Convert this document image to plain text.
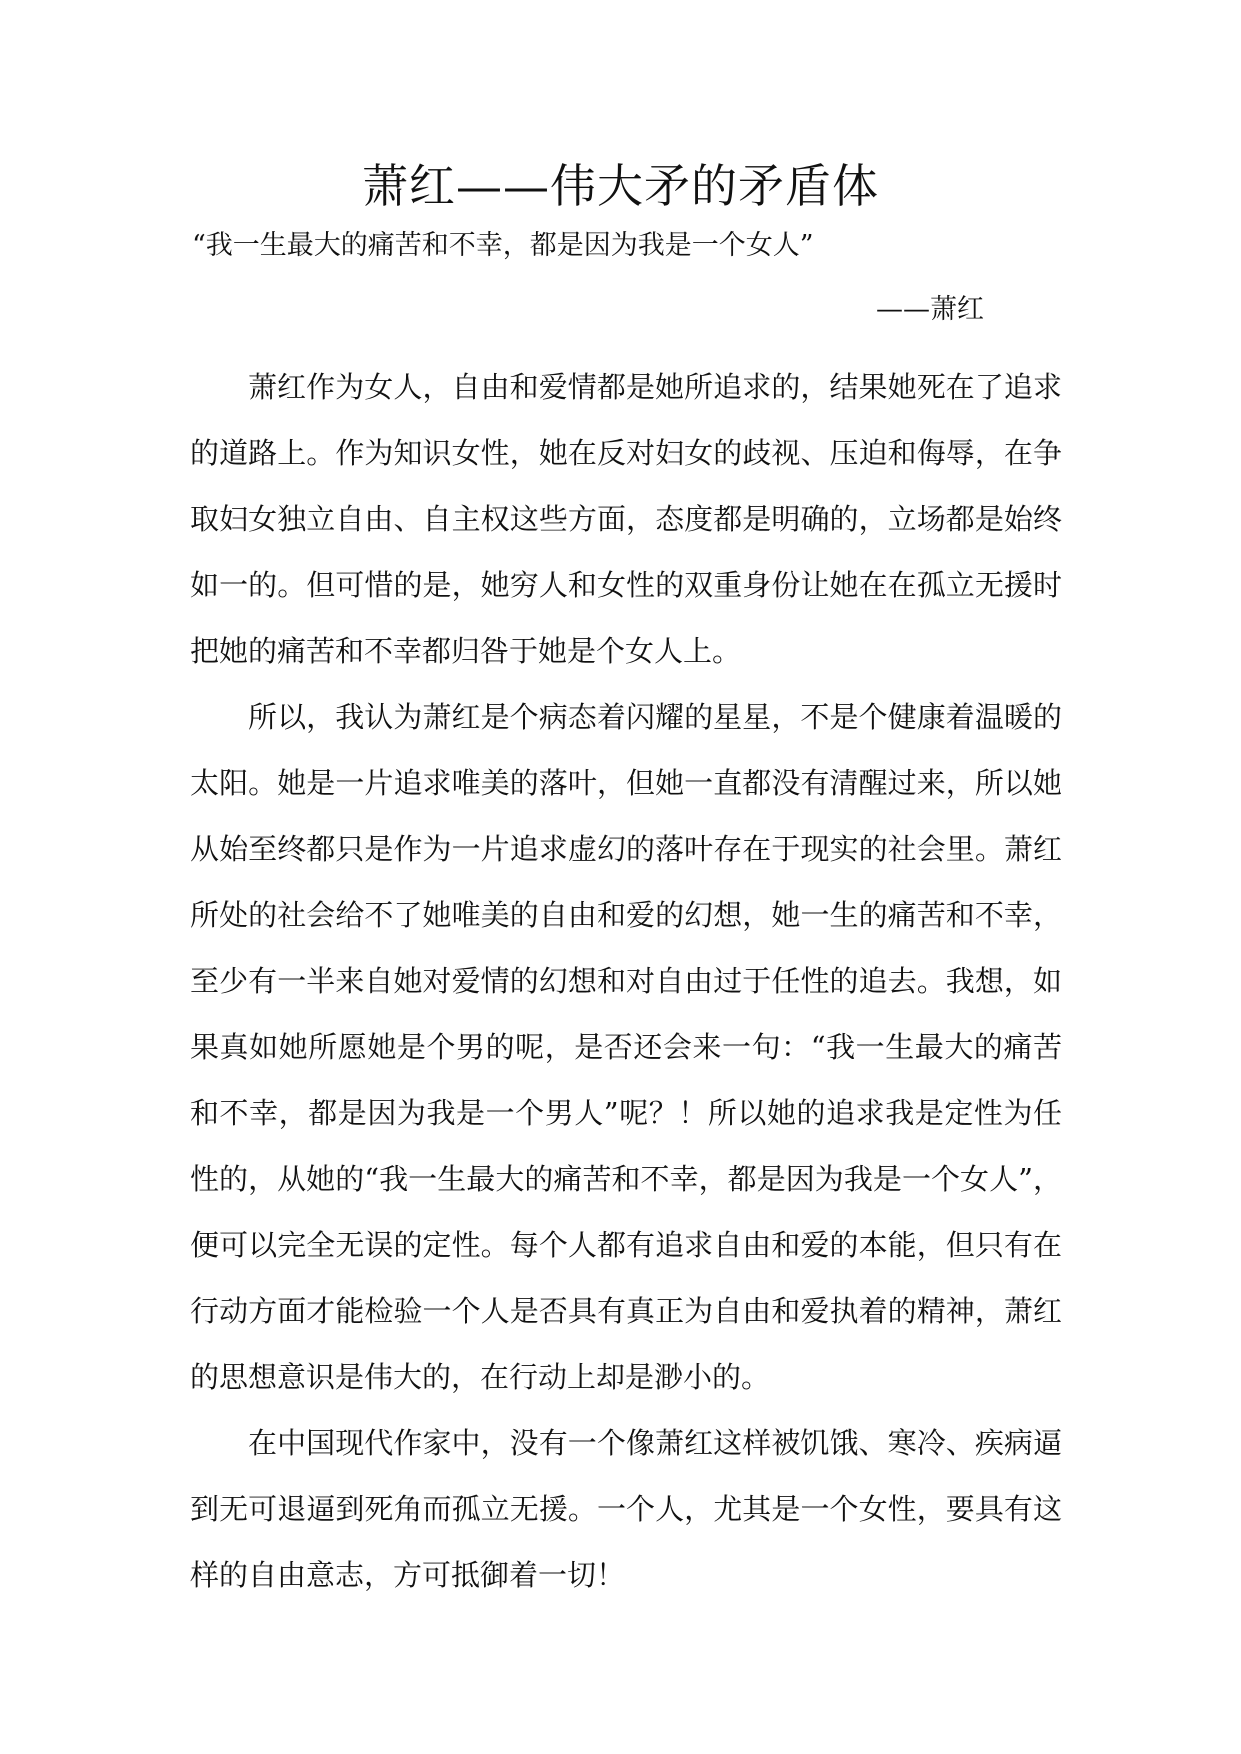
萧红——伟大矛的矛盾体
“我一生最大的痛苦和不幸，都是因为我是一个女人”
——萧红

萧红作为女人，自由和爱情都是她所追求的，结果她死在了追求的道路上。作为知识女性，她在反对妇女的歧视、压迫和侮辱，在争取妇女独立自由、自主权这些方面，态度都是明确的，立场都是始终如一的。但可惜的是，她穷人和女性的双重身份让她在在孤立无援时把她的痛苦和不幸都归咎于她是个女人上。

所以，我认为萧红是个病态着闪耀的星星，不是个健康着温暖的太阳。她是一片追求唯美的落叶，但她一直都没有清醒过来，所以她从始至终都只是作为一片追求虚幻的落叶存在于现实的社会里。萧红所处的社会给不了她唯美的自由和爱的幻想，她一生的痛苦和不幸，至少有一半来自她对爱情的幻想和对自由过于任性的追去。我想，如果真如她所愿她是个男的呢，是否还会来一句：“我一生最大的痛苦和不幸，都是因为我是一个男人”呢？！所以她的追求我是定性为任性的，从她的“我一生最大的痛苦和不幸，都是因为我是一个女人”，便可以完全无误的定性。每个人都有追求自由和爱的本能，但只有在行动方面才能检验一个人是否具有真正为自由和爱执着的精神，萧红的思想意识是伟大的，在行动上却是渺小的。

在中国现代作家中，没有一个像萧红这样被饥饿、寒冷、疾病逼到无可退逼到死角而孤立无援。一个人，尤其是一个女性，要具有这样的自由意志，方可抵御着一切！
